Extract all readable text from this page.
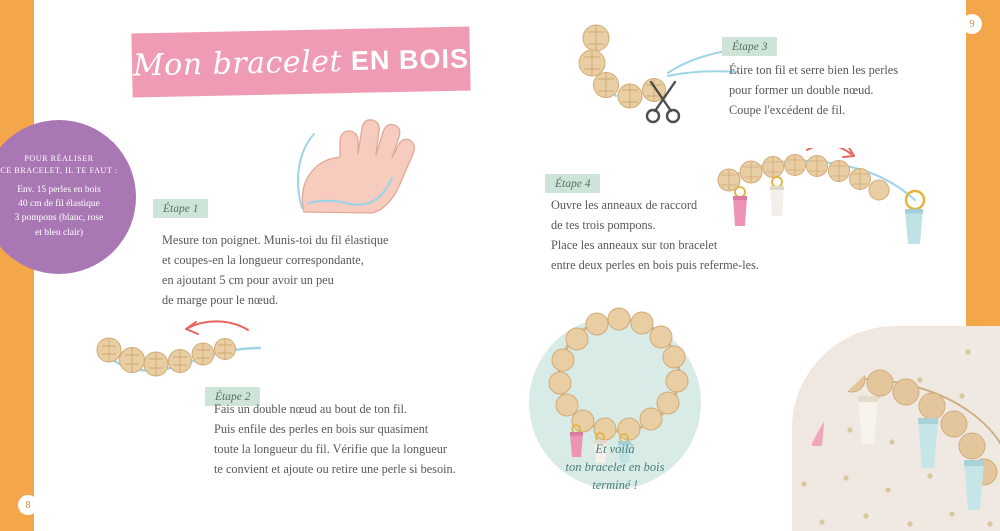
8
Mon bracelet EN BOIS
POUR RÉALISER
CE BRACELET, IL TE FAUT :
Env. 15 perles en bois
40 cm de fil élastique
3 pompons (blanc, rose
et bleu clair)
Étape 1
Mesure ton poignet. Munis-toi du fil élastique
et coupes-en la longueur correspondante,
en ajoutant 5 cm pour avoir un peu
de marge pour le nœud.
Étape 2
Fais un double nœud au bout de ton fil.
Puis enfile des perles en bois sur quasiment
toute la longueur du fil. Vérifie que la longueur
te convient et ajoute ou retire une perle si besoin.
9
Étape 3
Étire ton fil et serre bien les perles
pour former un double nœud.
Coupe l'excédent de fil.
Étape 4
Ouvre les anneaux de raccord
de tes trois pompons.
Place les anneaux sur ton bracelet
entre deux perles en bois puis referme-les.
Et voilà
ton bracelet en bois
terminé !
